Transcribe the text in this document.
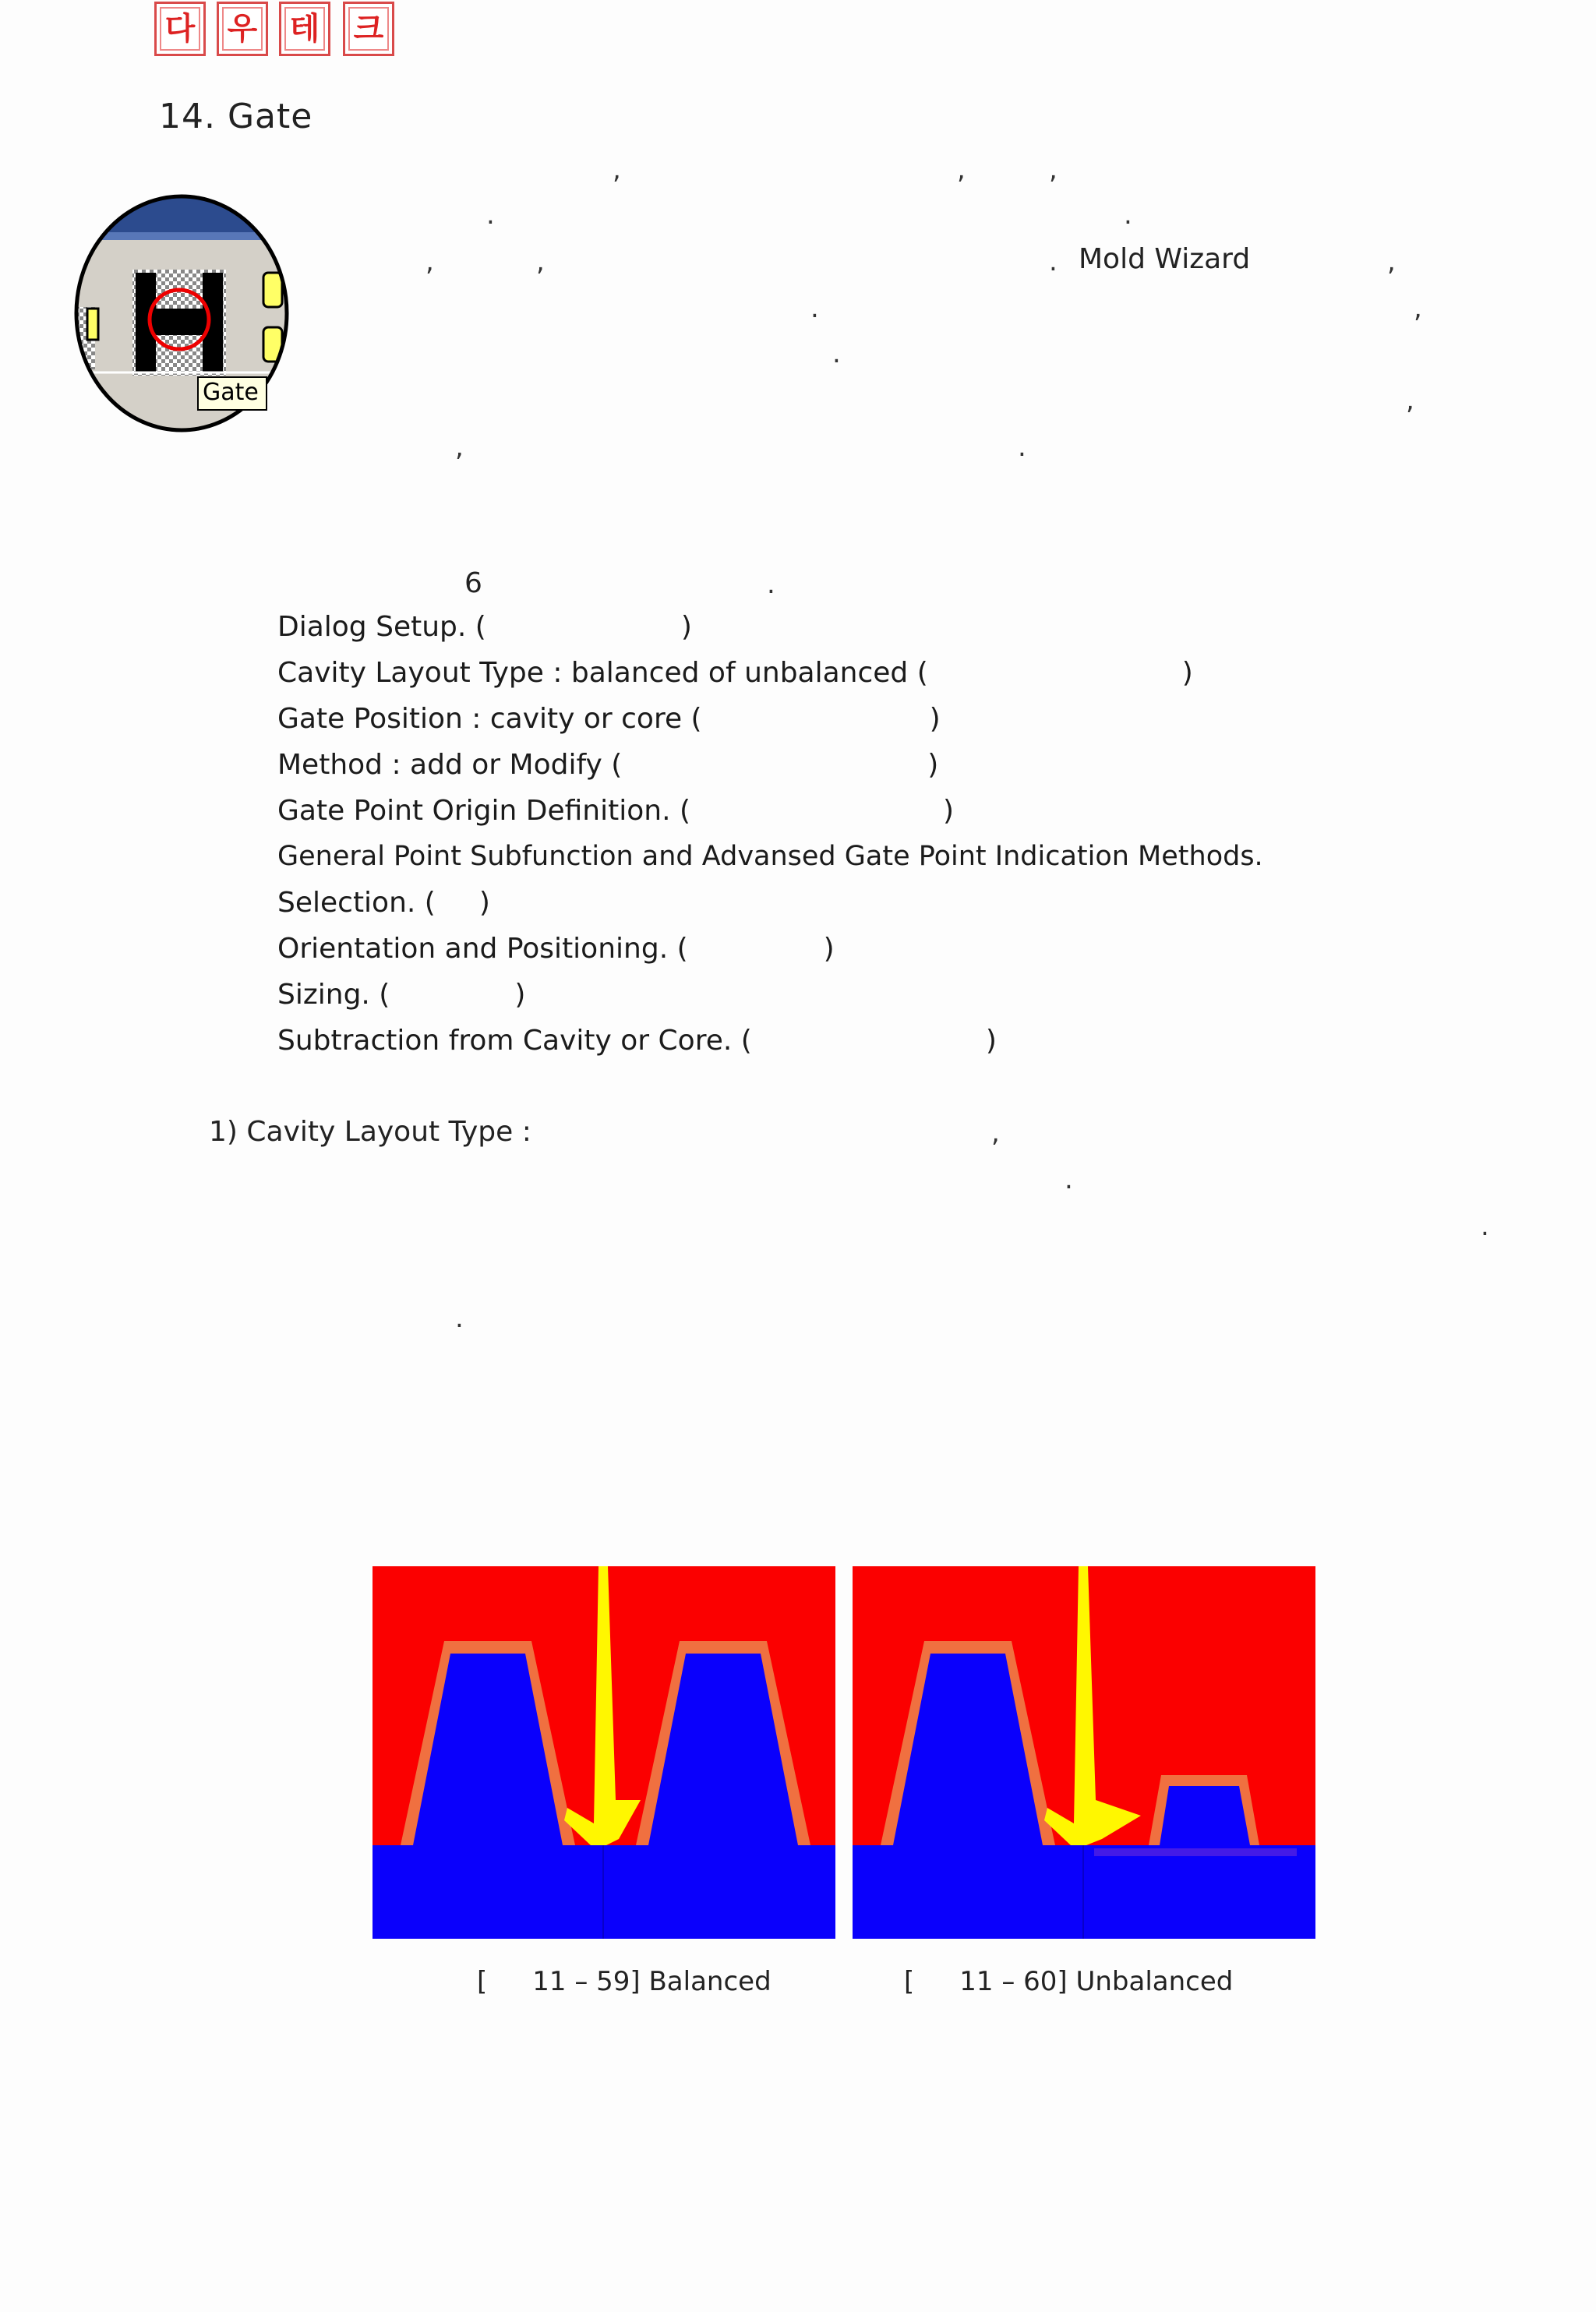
다	우	테	크
14. Gate
Gate
,	,	,
.	.
,	,	. Mold Wizard	,
.	,
.
,
,	.
6	.
Dialog Setup. (	)
Cavity Layout Type : balanced of unbalanced (	)
Gate Position : cavity or core (	)
Method : add or Modify (	)
Gate Point Origin Definition. (	)
General Point Subfunction and Advansed Gate Point Indication Methods.
Selection. ( )
Orientation and Positioning. (	)
Sizing. (	)
Subtraction from Cavity or Core. (	)
1) Cavity Layout Type :	,
.
.
.
[ 11 – 59] Balanced	[ 11 – 60] Unbalanced
